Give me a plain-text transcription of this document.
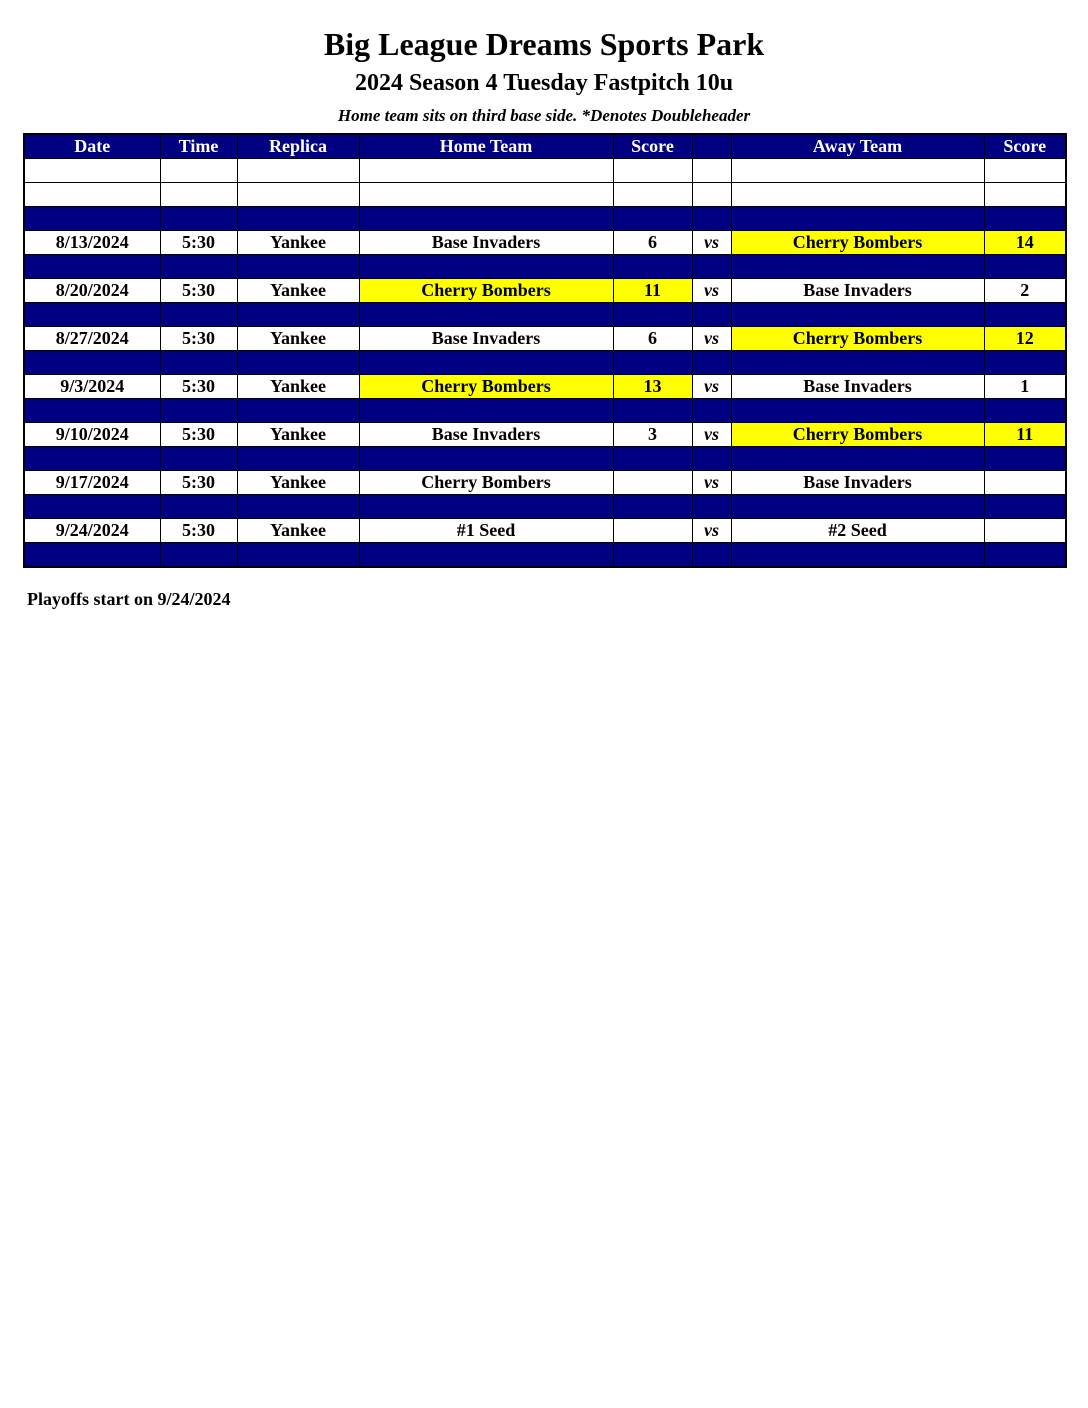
Big League Dreams Sports Park
2024 Season 4 Tuesday Fastpitch 10u

Home team sits on third base side. *Denotes Doubleheader

Date	Time	Replica	Home Team	Score		Away Team	Score

8/13/2024	5:30	Yankee	Base Invaders	6	vs	Cherry Bombers	14

8/20/2024	5:30	Yankee	Cherry Bombers	11	vs	Base Invaders	2

8/27/2024	5:30	Yankee	Base Invaders	6	vs	Cherry Bombers	12

9/3/2024	5:30	Yankee	Cherry Bombers	13	vs	Base Invaders	1

9/10/2024	5:30	Yankee	Base Invaders	3	vs	Cherry Bombers	11

9/17/2024	5:30	Yankee	Cherry Bombers		vs	Base Invaders	

9/24/2024	5:30	Yankee	#1 Seed		vs	#2 Seed	

Playoffs start on 9/24/2024
